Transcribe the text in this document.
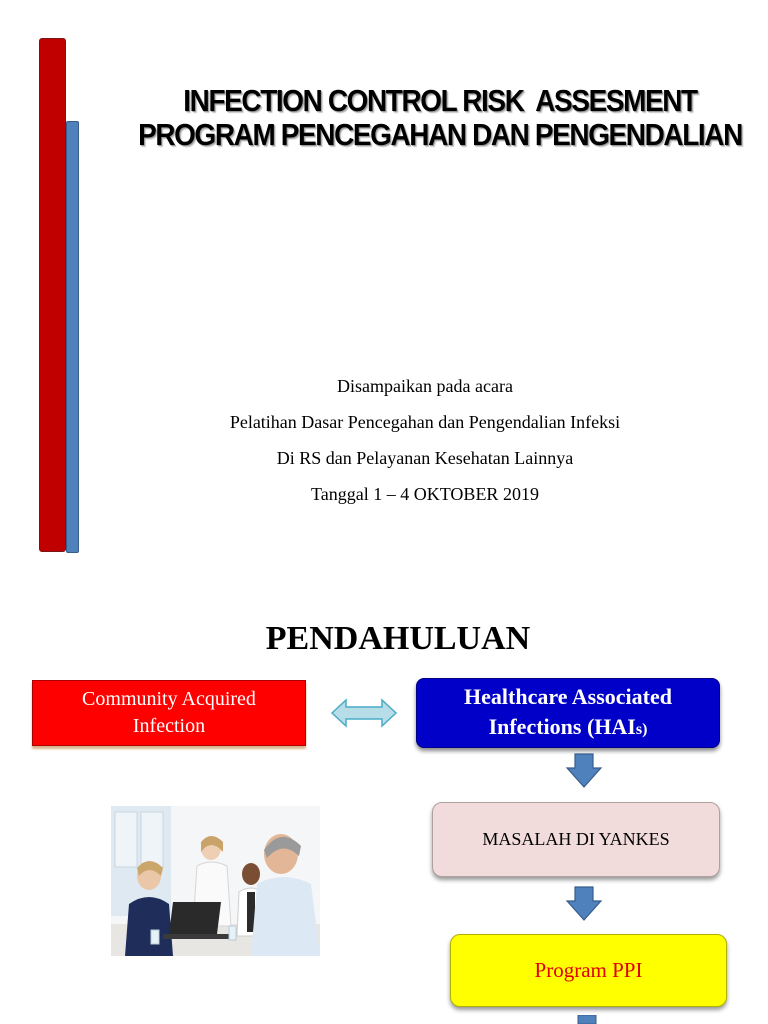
INFECTION CONTROL RISK  ASSESMENT
PROGRAM PENCEGAHAN DAN PENGENDALIAN
Disampaikan pada acara
Pelatihan Dasar Pencegahan dan Pengendalian Infeksi
Di RS dan Pelayanan Kesehatan Lainnya
Tanggal 1 – 4 OKTOBER 2019
PENDAHULUAN
Community Acquired
Infection
Healthcare Associated
Infections (HAIs)
MASALAH DI YANKES
Program PPI
